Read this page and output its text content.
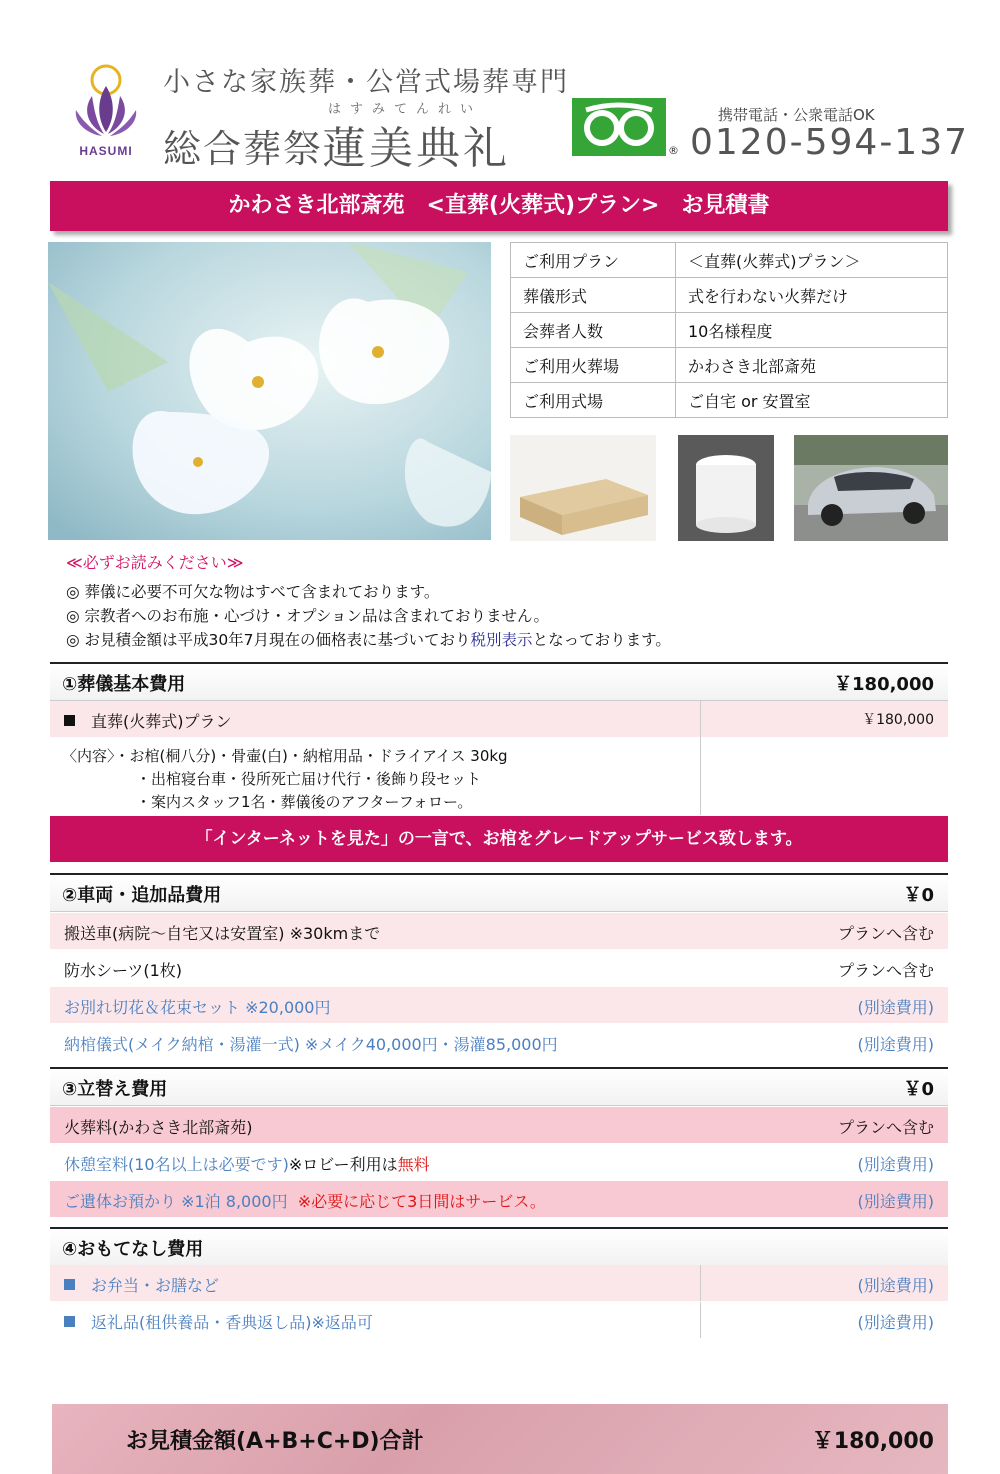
HASUMI
小さな家族葬・公営式場葬専門
はすみてんれい
総合葬祭
蓮美典礼	®
携帯電話・公衆電話OK
0120-594-137
かわさき北部斎苑　<直葬(火葬式)プラン>　お見積書
ご利用プラン	＜直葬(火葬式)プラン＞
葬儀形式	式を行わない火葬だけ
会葬者人数	10名様程度
ご利用火葬場	かわさき北部斎苑
ご利用式場	ご自宅 or 安置室
≪必ずお読みください≫
◎ 葬儀に必要不可欠な物はすべて含まれております。
◎ 宗教者へのお布施・心づけ・オプション品は含まれておりません。
◎ お見積金額は平成30年7月現在の価格表に基づいており税別表示となっております。
①葬儀基本費用	￥180,000
直葬(火葬式)プラン	￥180,000
〈内容〉・お棺(桐八分)・骨壷(白)・納棺用品・ドライアイス 30kg
・出棺寝台車・役所死亡届け代行・後飾り段セット
・案内スタッフ1名・葬儀後のアフターフォロー。
「インターネットを見た」の一言で、お棺をグレードアップサービス致します。
②車両・追加品費用	￥0
搬送車(病院～自宅又は安置室) ※30kmまで	プランへ含む
防水シーツ(1枚)	プランへ含む
お別れ切花＆花束セット ※20,000円	(別途費用)
納棺儀式(メイク納棺・湯灌一式) ※メイク40,000円・湯灌85,000円	(別途費用)
③立替え費用	￥0
火葬料(かわさき北部斎苑)	プランへ含む
休憩室料(10名以上は必要です)※ロビー利用は無料	(別途費用)
ご遺体お預かり ※1泊 8,000円 ※必要に応じて3日間はサービス。	(別途費用)
④おもてなし費用
お弁当・お膳など	(別途費用)
返礼品(租供養品・香典返し品)※返品可	(別途費用)
お見積金額(A+B+C+D)合計	￥180,000
